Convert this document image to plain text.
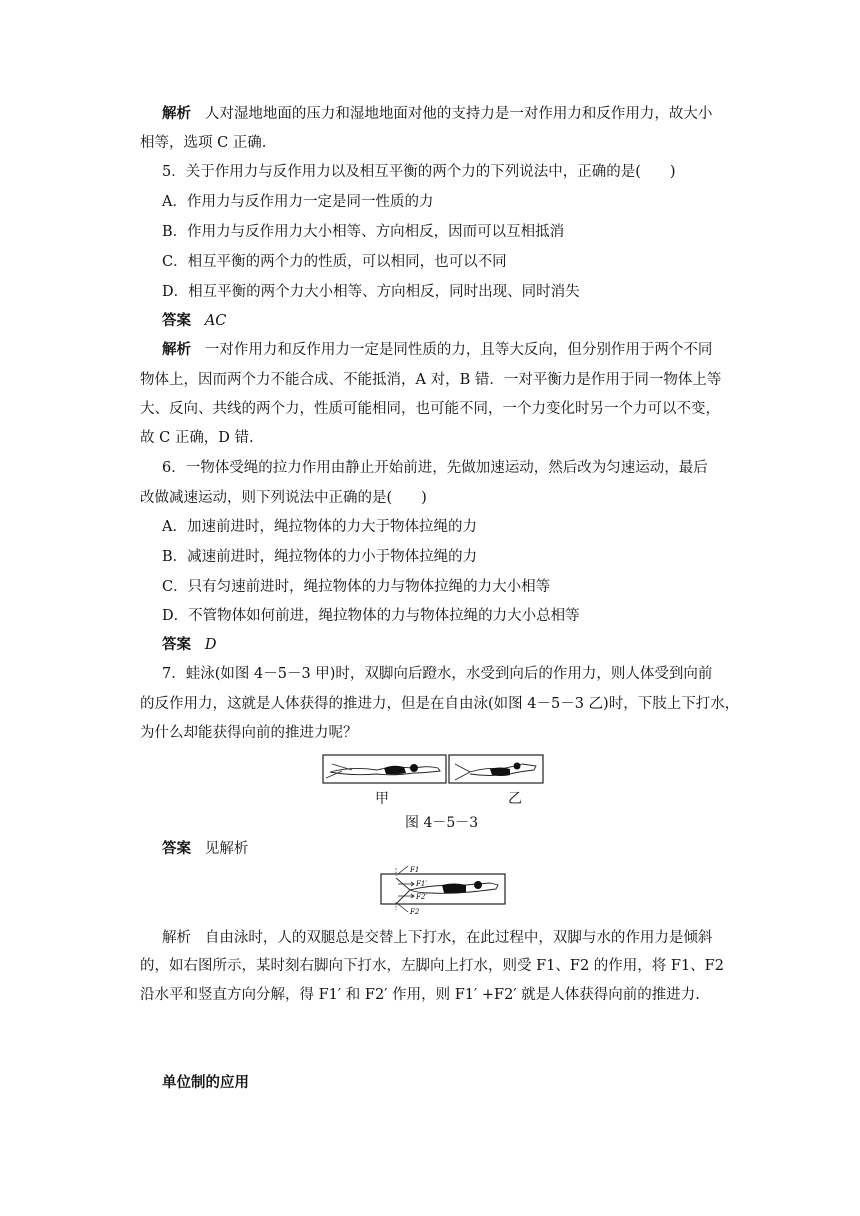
解析 人对湿地地面的压力和湿地地面对他的支持力是一对作用力和反作用力，故大小
相等，选项 C 正确.
5．关于作用力与反作用力以及相互平衡的两个力的下列说法中，正确的是(　　)
A．作用力与反作用力一定是同一性质的力
B．作用力与反作用力大小相等、方向相反，因而可以互相抵消
C．相互平衡的两个力的性质，可以相同，也可以不同
D．相互平衡的两个力大小相等、方向相反，同时出现、同时消失
答案 AC
解析 一对作用力和反作用力一定是同性质的力，且等大反向，但分别作用于两个不同
物体上，因而两个力不能合成、不能抵消，A 对，B 错．一对平衡力是作用于同一物体上等
大、反向、共线的两个力，性质可能相同，也可能不同，一个力变化时另一个力可以不变，
故 C 正确，D 错.
6．一物体受绳的拉力作用由静止开始前进，先做加速运动，然后改为匀速运动，最后
改做减速运动，则下列说法中正确的是(　　)
A．加速前进时，绳拉物体的力大于物体拉绳的力
B．减速前进时，绳拉物体的力小于物体拉绳的力
C．只有匀速前进时，绳拉物体的力与物体拉绳的力大小相等
D．不管物体如何前进，绳拉物体的力与物体拉绳的力大小总相等
答案 D
7．蛙泳(如图 4－5－3 甲)时，双脚向后蹬水，水受到向后的作用力，则人体受到向前
的反作用力，这就是人体获得的推进力，但是在自由泳(如图 4－5－3 乙)时，下肢上下打水，
为什么却能获得向前的推进力呢？
甲	乙
图 4－5－3
答案 见解析
F1
F1′
F2′
F2
解析 自由泳时，人的双腿总是交替上下打水，在此过程中，双脚与水的作用力是倾斜
的，如右图所示，某时刻右脚向下打水，左脚向上打水，则受 F1、F2 的作用，将 F1、F2
沿水平和竖直方向分解，得 F1′ 和 F2′ 作用，则 F1′ +F2′ 就是人体获得向前的推进力.
单位制的应用
